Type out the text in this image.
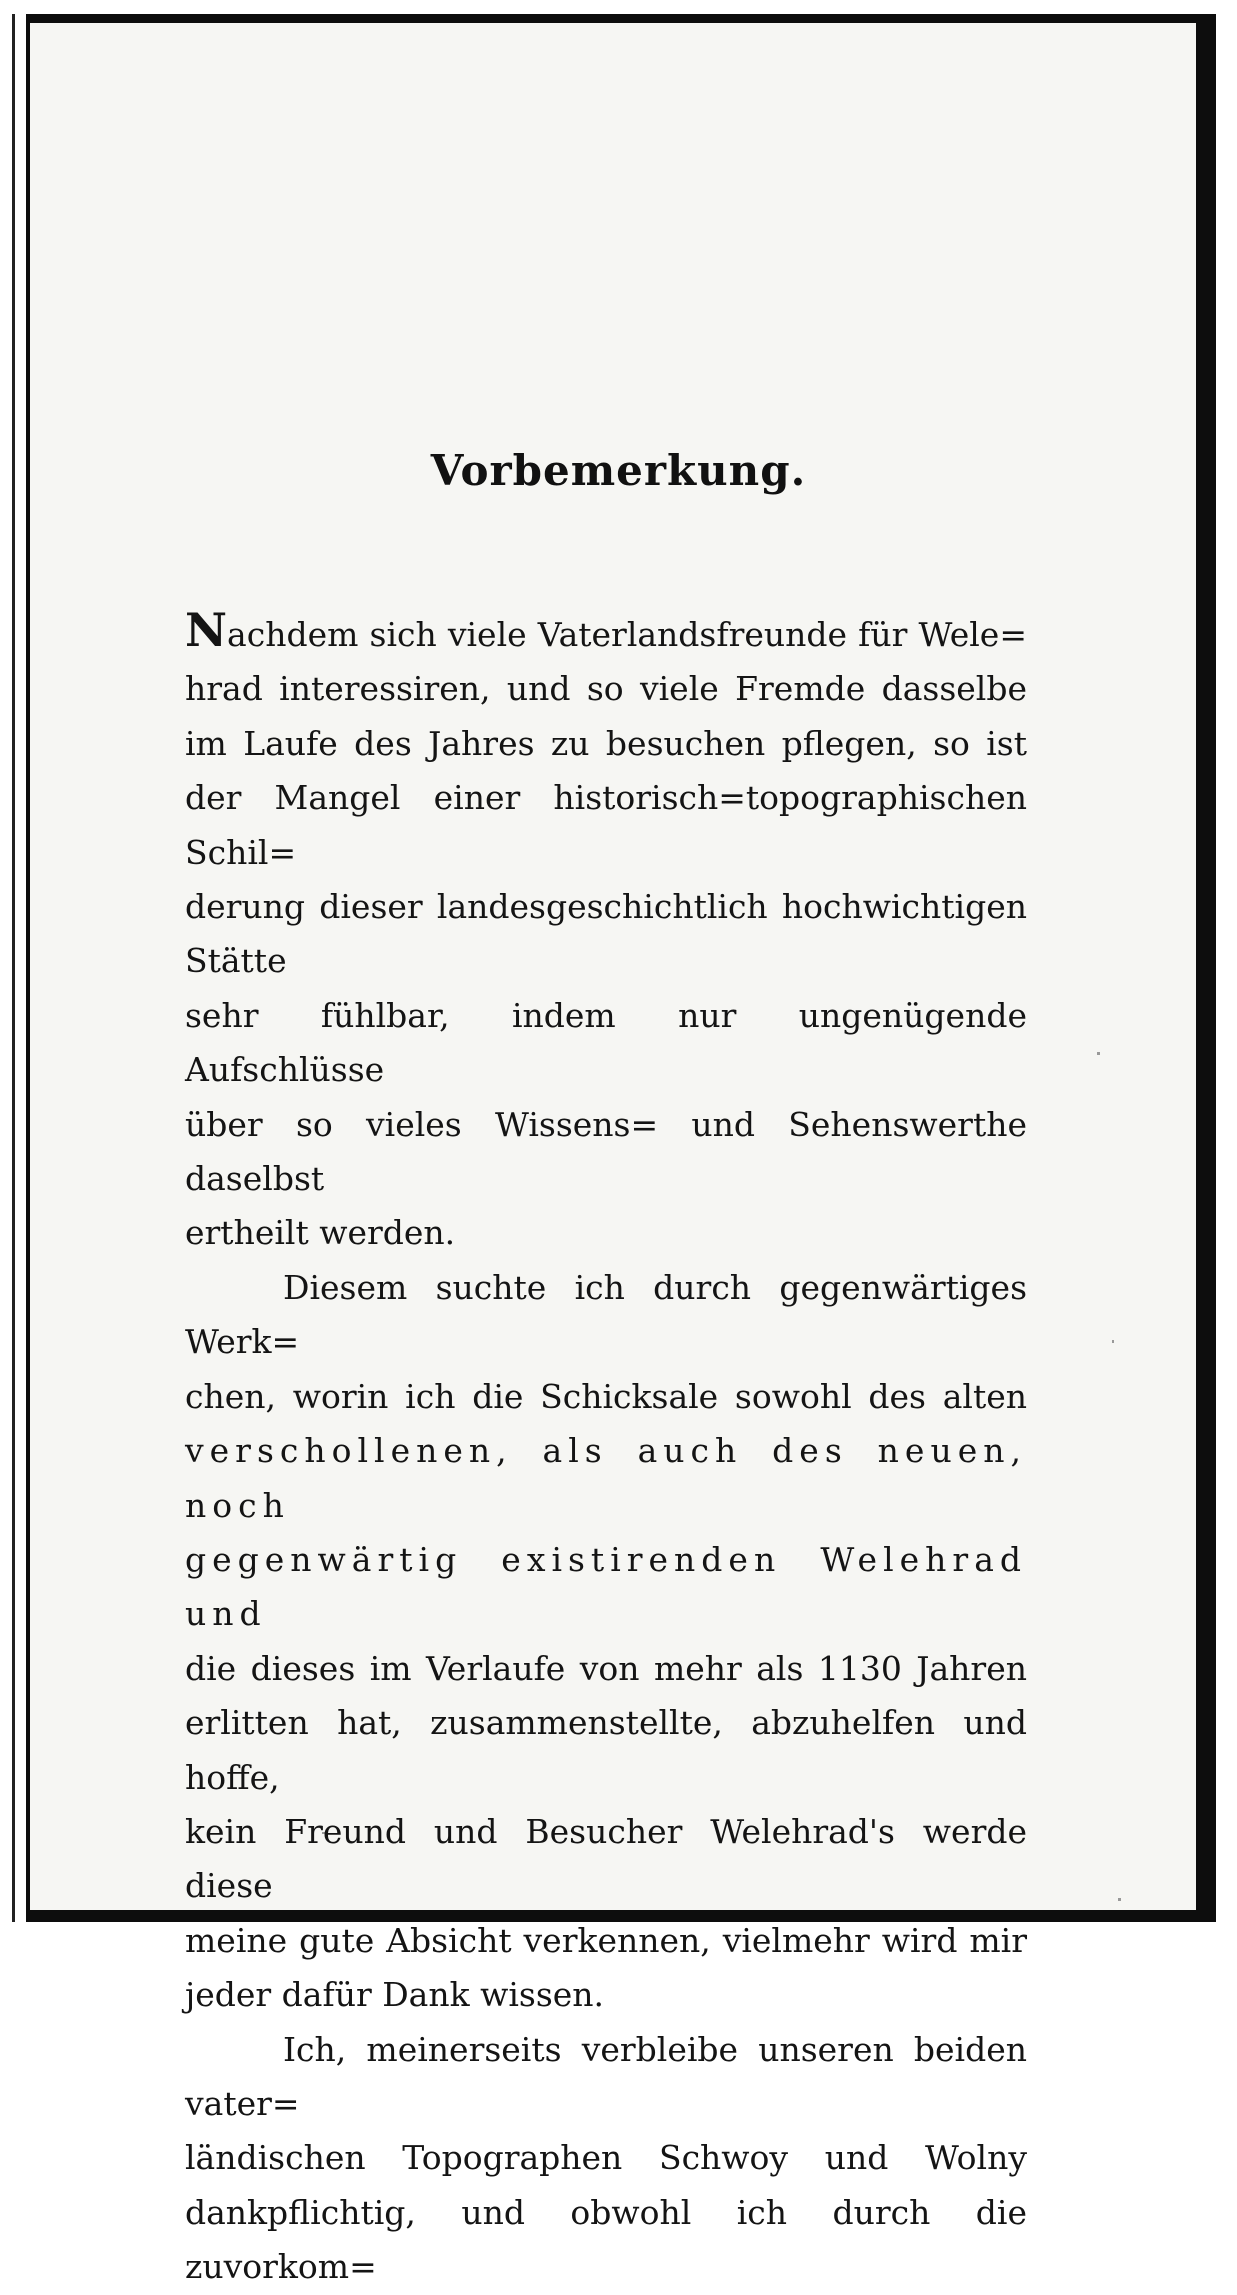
Vorbemerkung.

Nachdem sich viele Vaterlandsfreunde für Wele=

hrad interessiren, und so viele Fremde dasselbe

im Laufe des Jahres zu besuchen pflegen, so ist

der Mangel einer historisch=topographischen Schil=

derung dieser landesgeschichtlich hochwichtigen Stätte

sehr fühlbar, indem nur ungenügende Aufschlüsse

über so vieles Wissens= und Sehenswerthe daselbst

ertheilt werden.

Diesem suchte ich durch gegenwärtiges Werk=

chen, worin ich die Schicksale sowohl des alten

verschollenen, als auch des neuen, noch

gegenwärtig existirenden Welehrad und

die dieses im Verlaufe von mehr als 1130 Jahren

erlitten hat, zusammenstellte, abzuhelfen und hoffe,

kein Freund und Besucher Welehrad's werde diese

meine gute Absicht verkennen, vielmehr wird mir

jeder dafür Dank wissen.

Ich, meinerseits verbleibe unseren beiden vater=

ländischen Topographen Schwoy und Wolny

dankpflichtig, und obwohl ich durch die zuvorkom=
